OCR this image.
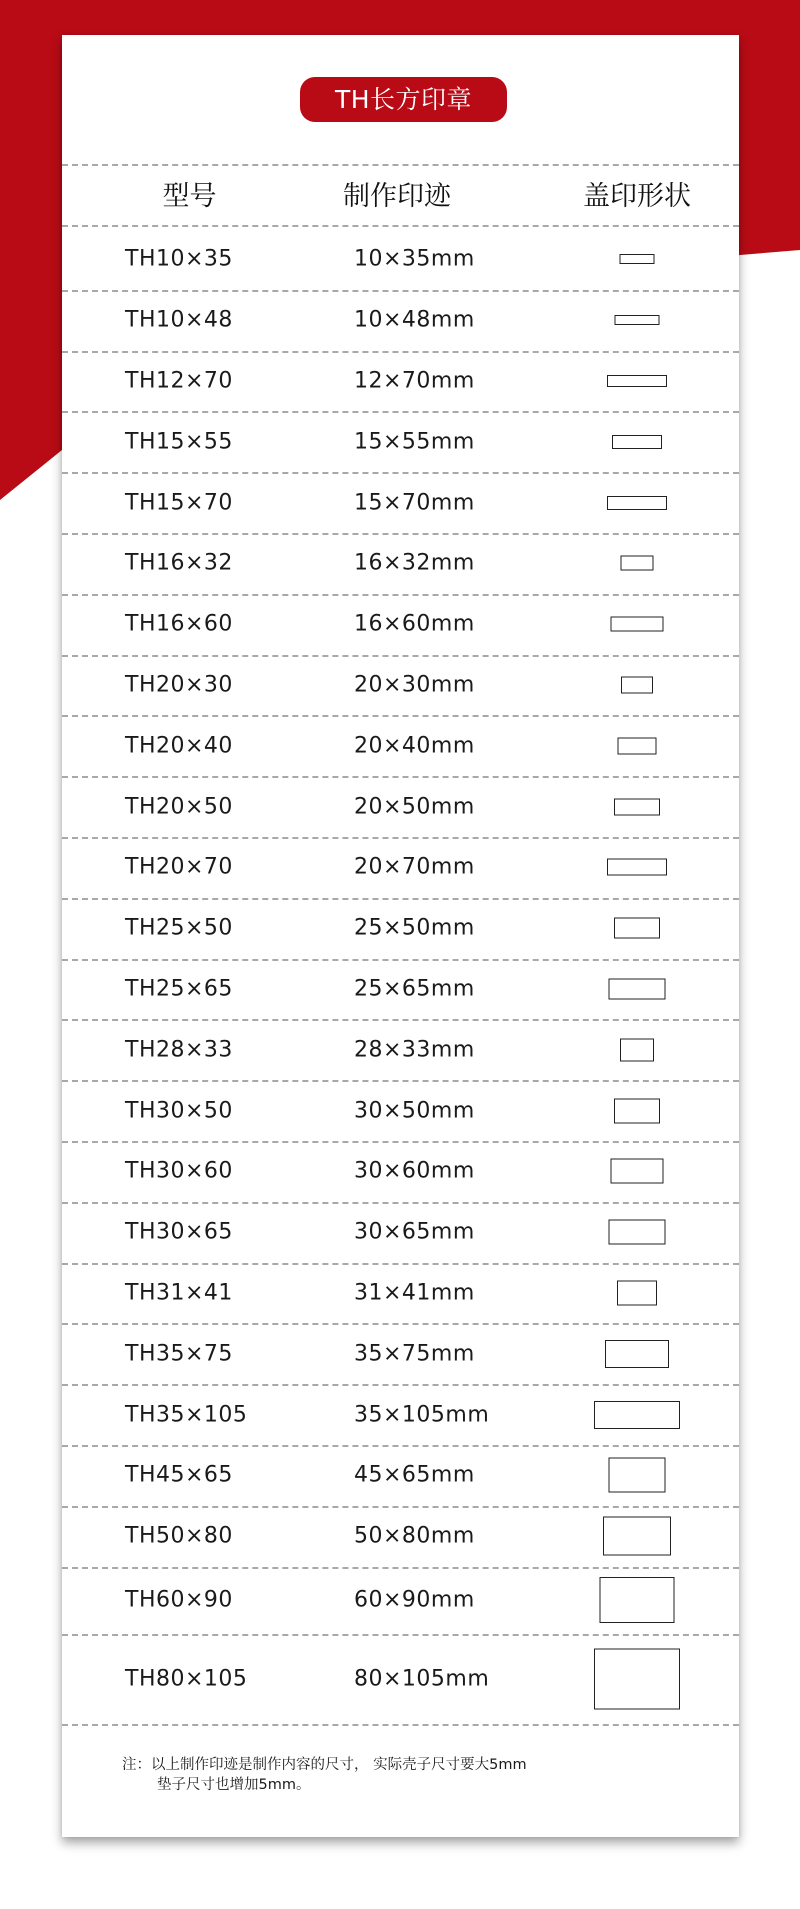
TH长方印章
型号	制作印迹	盖印形状
TH10×35	10×35mm
TH10×48	10×48mm
TH12×70	12×70mm
TH15×55	15×55mm
TH15×70	15×70mm
TH16×32	16×32mm
TH16×60	16×60mm
TH20×30	20×30mm
TH20×40	20×40mm
TH20×50	20×50mm
TH20×70	20×70mm
TH25×50	25×50mm
TH25×65	25×65mm
TH28×33	28×33mm
TH30×50	30×50mm
TH30×60	30×60mm
TH30×65	30×65mm
TH31×41	31×41mm
TH35×75	35×75mm
TH35×105	35×105mm
TH45×65	45×65mm
TH50×80	50×80mm
TH60×90	60×90mm
TH80×105	80×105mm
注：以上制作印迹是制作内容的尺寸， 实际壳子尺寸要大5mm
垫子尺寸也增加5mm。
